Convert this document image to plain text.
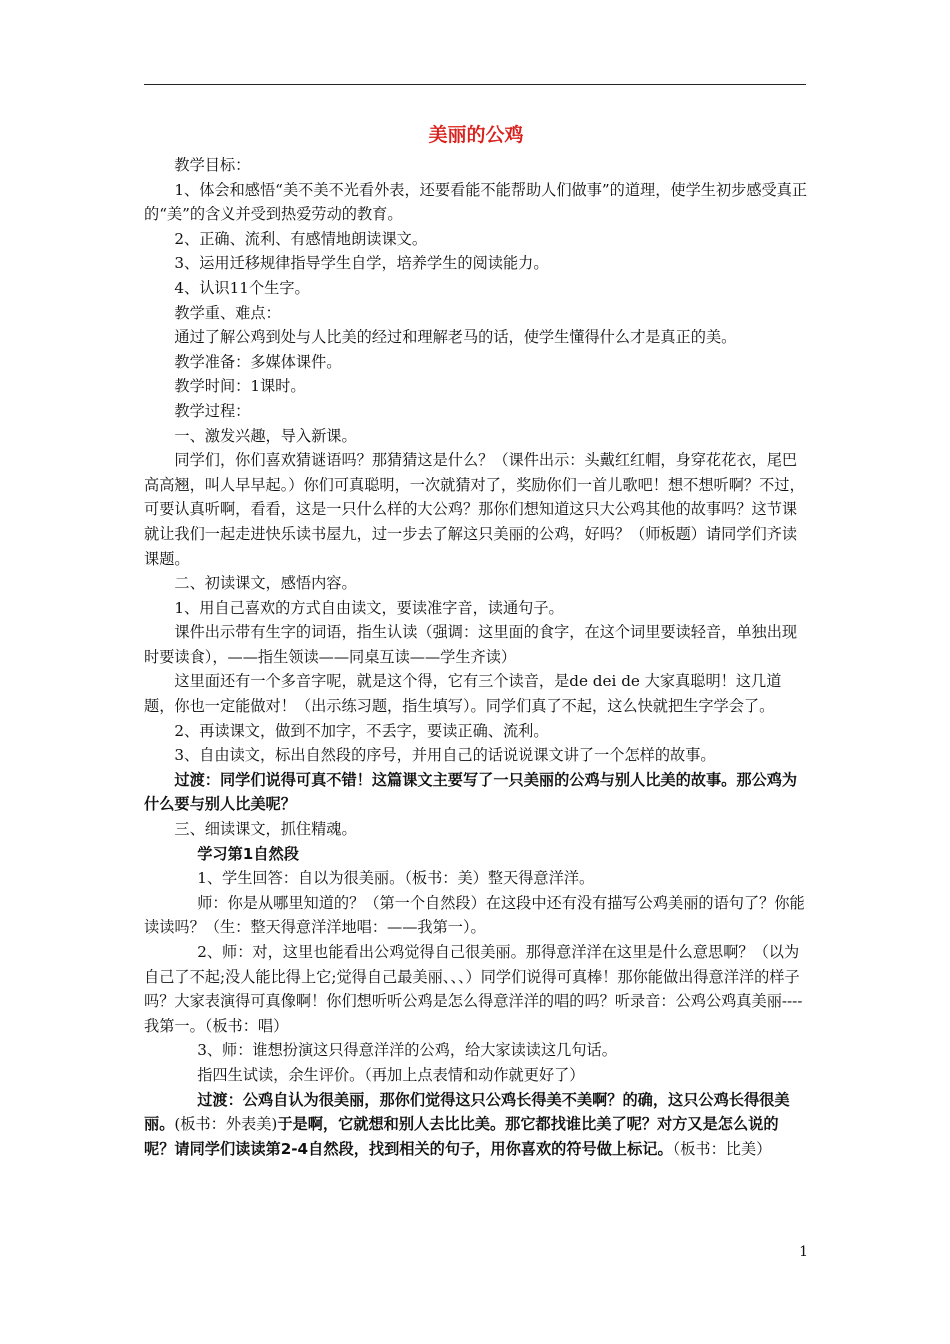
美丽的公鸡

教学目标：

1、体会和感悟“美不美不光看外表，还要看能不能帮助人们做事”的道理，使学生初步感受真正的“美”的含义并受到热爱劳动的教育。

2、正确、流利、有感情地朗读课文。

3、运用迁移规律指导学生自学，培养学生的阅读能力。

4、认识11个生字。

教学重、难点：

通过了解公鸡到处与人比美的经过和理解老马的话，使学生懂得什么才是真正的美。

教学准备：多媒体课件。

教学时间：1课时。

教学过程：

一、激发兴趣，导入新课。

同学们，你们喜欢猜谜语吗？那猜猜这是什么？（课件出示：头戴红红帽，身穿花花衣，尾巴高高翘，叫人早早起。）你们可真聪明，一次就猜对了，奖励你们一首儿歌吧！想不想听啊？不过，可要认真听啊，看看，这是一只什么样的大公鸡？那你们想知道这只大公鸡其他的故事吗？这节课就让我们一起走进快乐读书屋九，过一步去了解这只美丽的公鸡，好吗？（师板题）请同学们齐读课题。

二、初读课文，感悟内容。

1、用自己喜欢的方式自由读文，要读准字音，读通句子。

课件出示带有生字的词语，指生认读（强调：这里面的食字，在这个词里要读轻音，单独出现时要读食），——指生领读——同桌互读——学生齐读）

这里面还有一个多音字呢，就是这个得，它有三个读音，是de dei de 大家真聪明！这几道题，你也一定能做对！（出示练习题，指生填写）。同学们真了不起，这么快就把生字学会了。

2、再读课文，做到不加字，不丢字，要读正确、流利。

3、自由读文，标出自然段的序号，并用自己的话说说课文讲了一个怎样的故事。

过渡：同学们说得可真不错！这篇课文主要写了一只美丽的公鸡与别人比美的故事。那公鸡为什么要与别人比美呢？

三、细读课文，抓住精魂。

学习第1自然段

1、学生回答：自以为很美丽。（板书：美）整天得意洋洋。

师：你是从哪里知道的？（第一个自然段）在这段中还有没有描写公鸡美丽的语句了？你能读读吗？（生：整天得意洋洋地唱：——我第一）。

2、师：对，这里也能看出公鸡觉得自己很美丽。那得意洋洋在这里是什么意思啊？（以为自己了不起;没人能比得上它;觉得自己最美丽、、、）同学们说得可真棒！那你能做出得意洋洋的样子吗？大家表演得可真像啊！你们想听听公鸡是怎么得意洋洋的唱的吗？听录音：公鸡公鸡真美丽----我第一。（板书：唱）

3、师：谁想扮演这只得意洋洋的公鸡，给大家读读这几句话。

指四生试读，余生评价。（再加上点表情和动作就更好了）

过渡：公鸡自认为很美丽，那你们觉得这只公鸡长得美不美啊？的确，这只公鸡长得很美丽。(板书：外表美)于是啊，它就想和别人去比比美。那它都找谁比美了呢？对方又是怎么说的呢？请同学们读读第2-4自然段，找到相关的句子，用你喜欢的符号做上标记。（板书：比美）

1
